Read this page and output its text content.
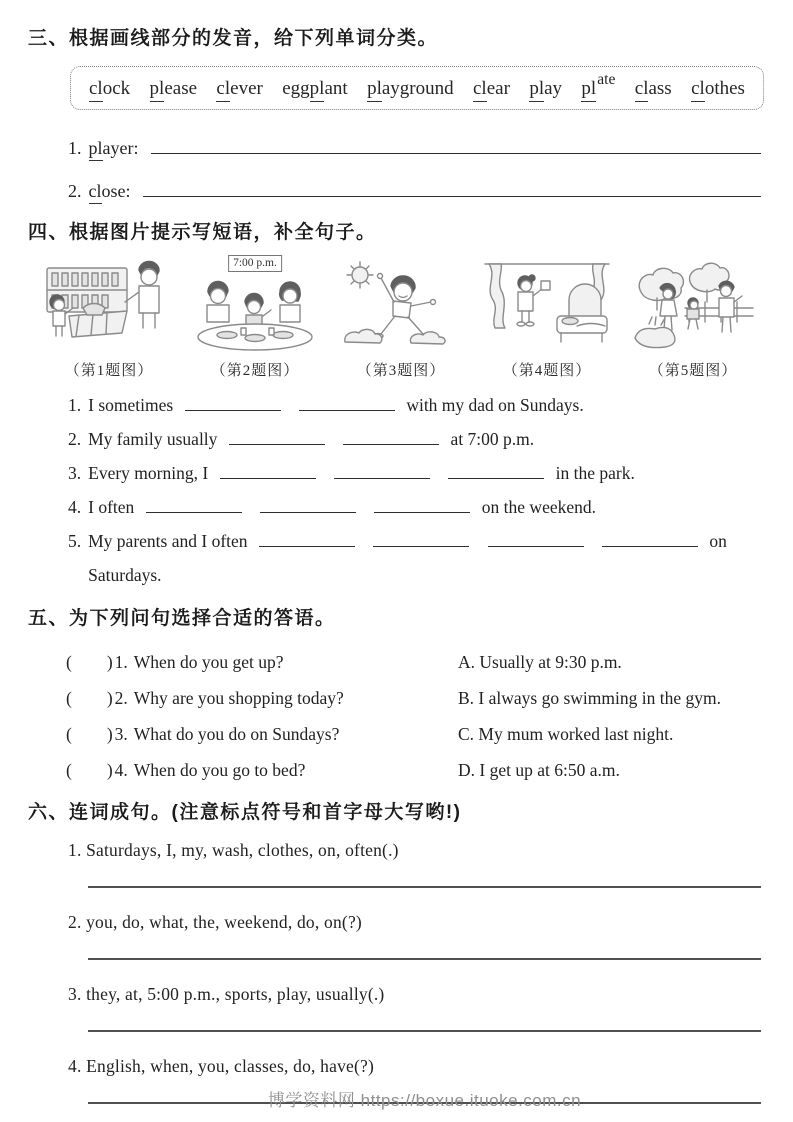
三、根据画线部分的发音，给下列单词分类。
clock please clever eggplant playground clear play $pl^{ate}$ class clothes
1. player:
2. close:
四、根据图片提示写短语，补全句子。
（第1题图）
7:00 p.m.
（第2题图）	（第3题图）	（第4题图）	（第5题图）
1. I sometimes	with my dad on Sundays.
2. My family usually	at 7:00 p.m.
3. Every morning, I	in the park.
4. I often	on the weekend.
5. My parents and I often	on
Saturdays.
五、为下列问句选择合适的答语。
(        ) 1. When do you get up?	A. Usually at 9:30 p.m.
(        ) 2. Why are you shopping today?	B. I always go swimming in the gym.
(        ) 3. What do you do on Sundays?	C. My mum worked last night.
(        ) 4. When do you go to bed?	D. I get up at 6:50 a.m.
六、连词成句。(注意标点符号和首字母大写哟!)
1. Saturdays, I, my, wash, clothes, on, often(.)
2. you, do, what, the, weekend, do, on(?)
3. they, at, 5:00 p.m., sports, play, usually(.)
4. English, when, you, classes, do, have(?)
博学资料网 https://boxue.ituoke.com.cn
